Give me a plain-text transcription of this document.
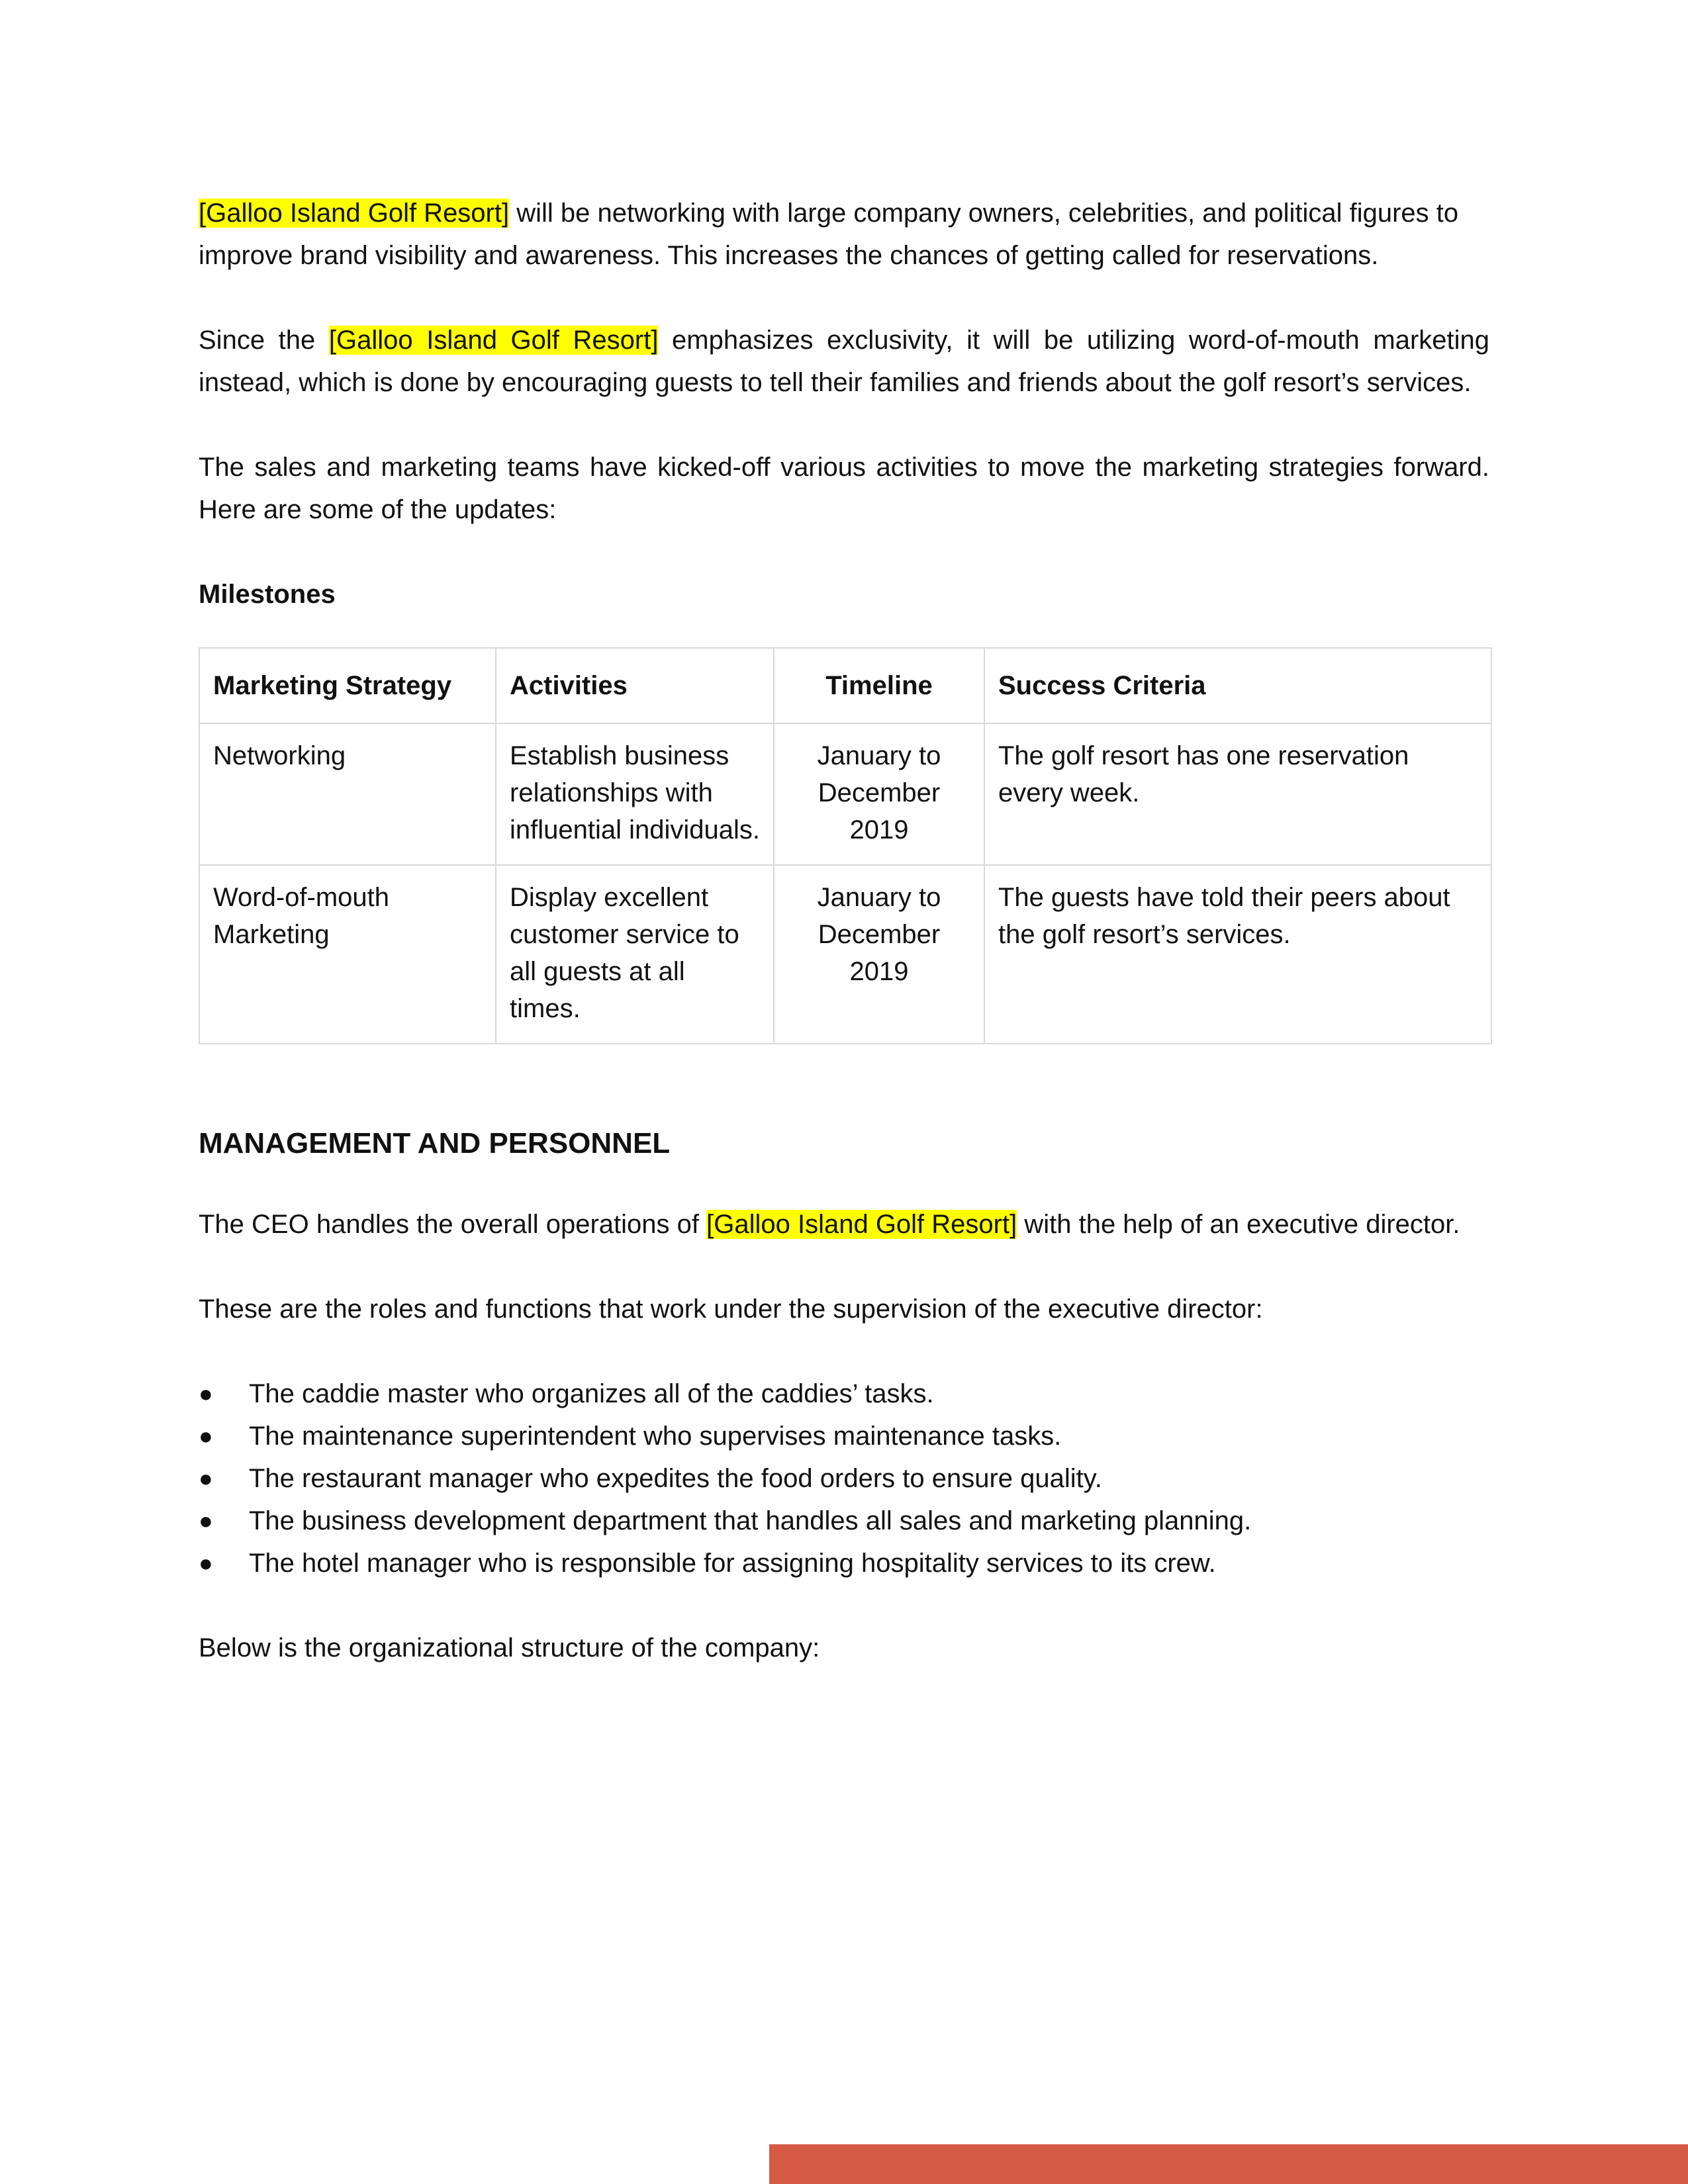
[Galloo Island Golf Resort] will be networking with large company owners, celebrities, and political figures to improve brand visibility and awareness. This increases the chances of getting called for reservations.

Since the [Galloo Island Golf Resort] emphasizes exclusivity, it will be utilizing word-of-mouth marketing instead, which is done by encouraging guests to tell their families and friends about the golf resort’s services.

The sales and marketing teams have kicked-off various activities to move the marketing strategies forward. Here are some of the updates:

Milestones
Marketing Strategy	Activities	Timeline	Success Criteria
Networking	Establish business relationships with influential individuals.	January to December 2019	The golf resort has one reservation every week.
Word-of-mouth Marketing	Display excellent customer service to all guests at all times.	January to December 2019	The guests have told their peers about the golf resort’s services.
MANAGEMENT AND PERSONNEL

The CEO handles the overall operations of [Galloo Island Golf Resort] with the help of an executive director.

These are the roles and functions that work under the supervision of the executive director:

● The caddie master who organizes all of the caddies’ tasks.
● The maintenance superintendent who supervises maintenance tasks.
● The restaurant manager who expedites the food orders to ensure quality.
● The business development department that handles all sales and marketing planning.
● The hotel manager who is responsible for assigning hospitality services to its crew.

Below is the organizational structure of the company:
